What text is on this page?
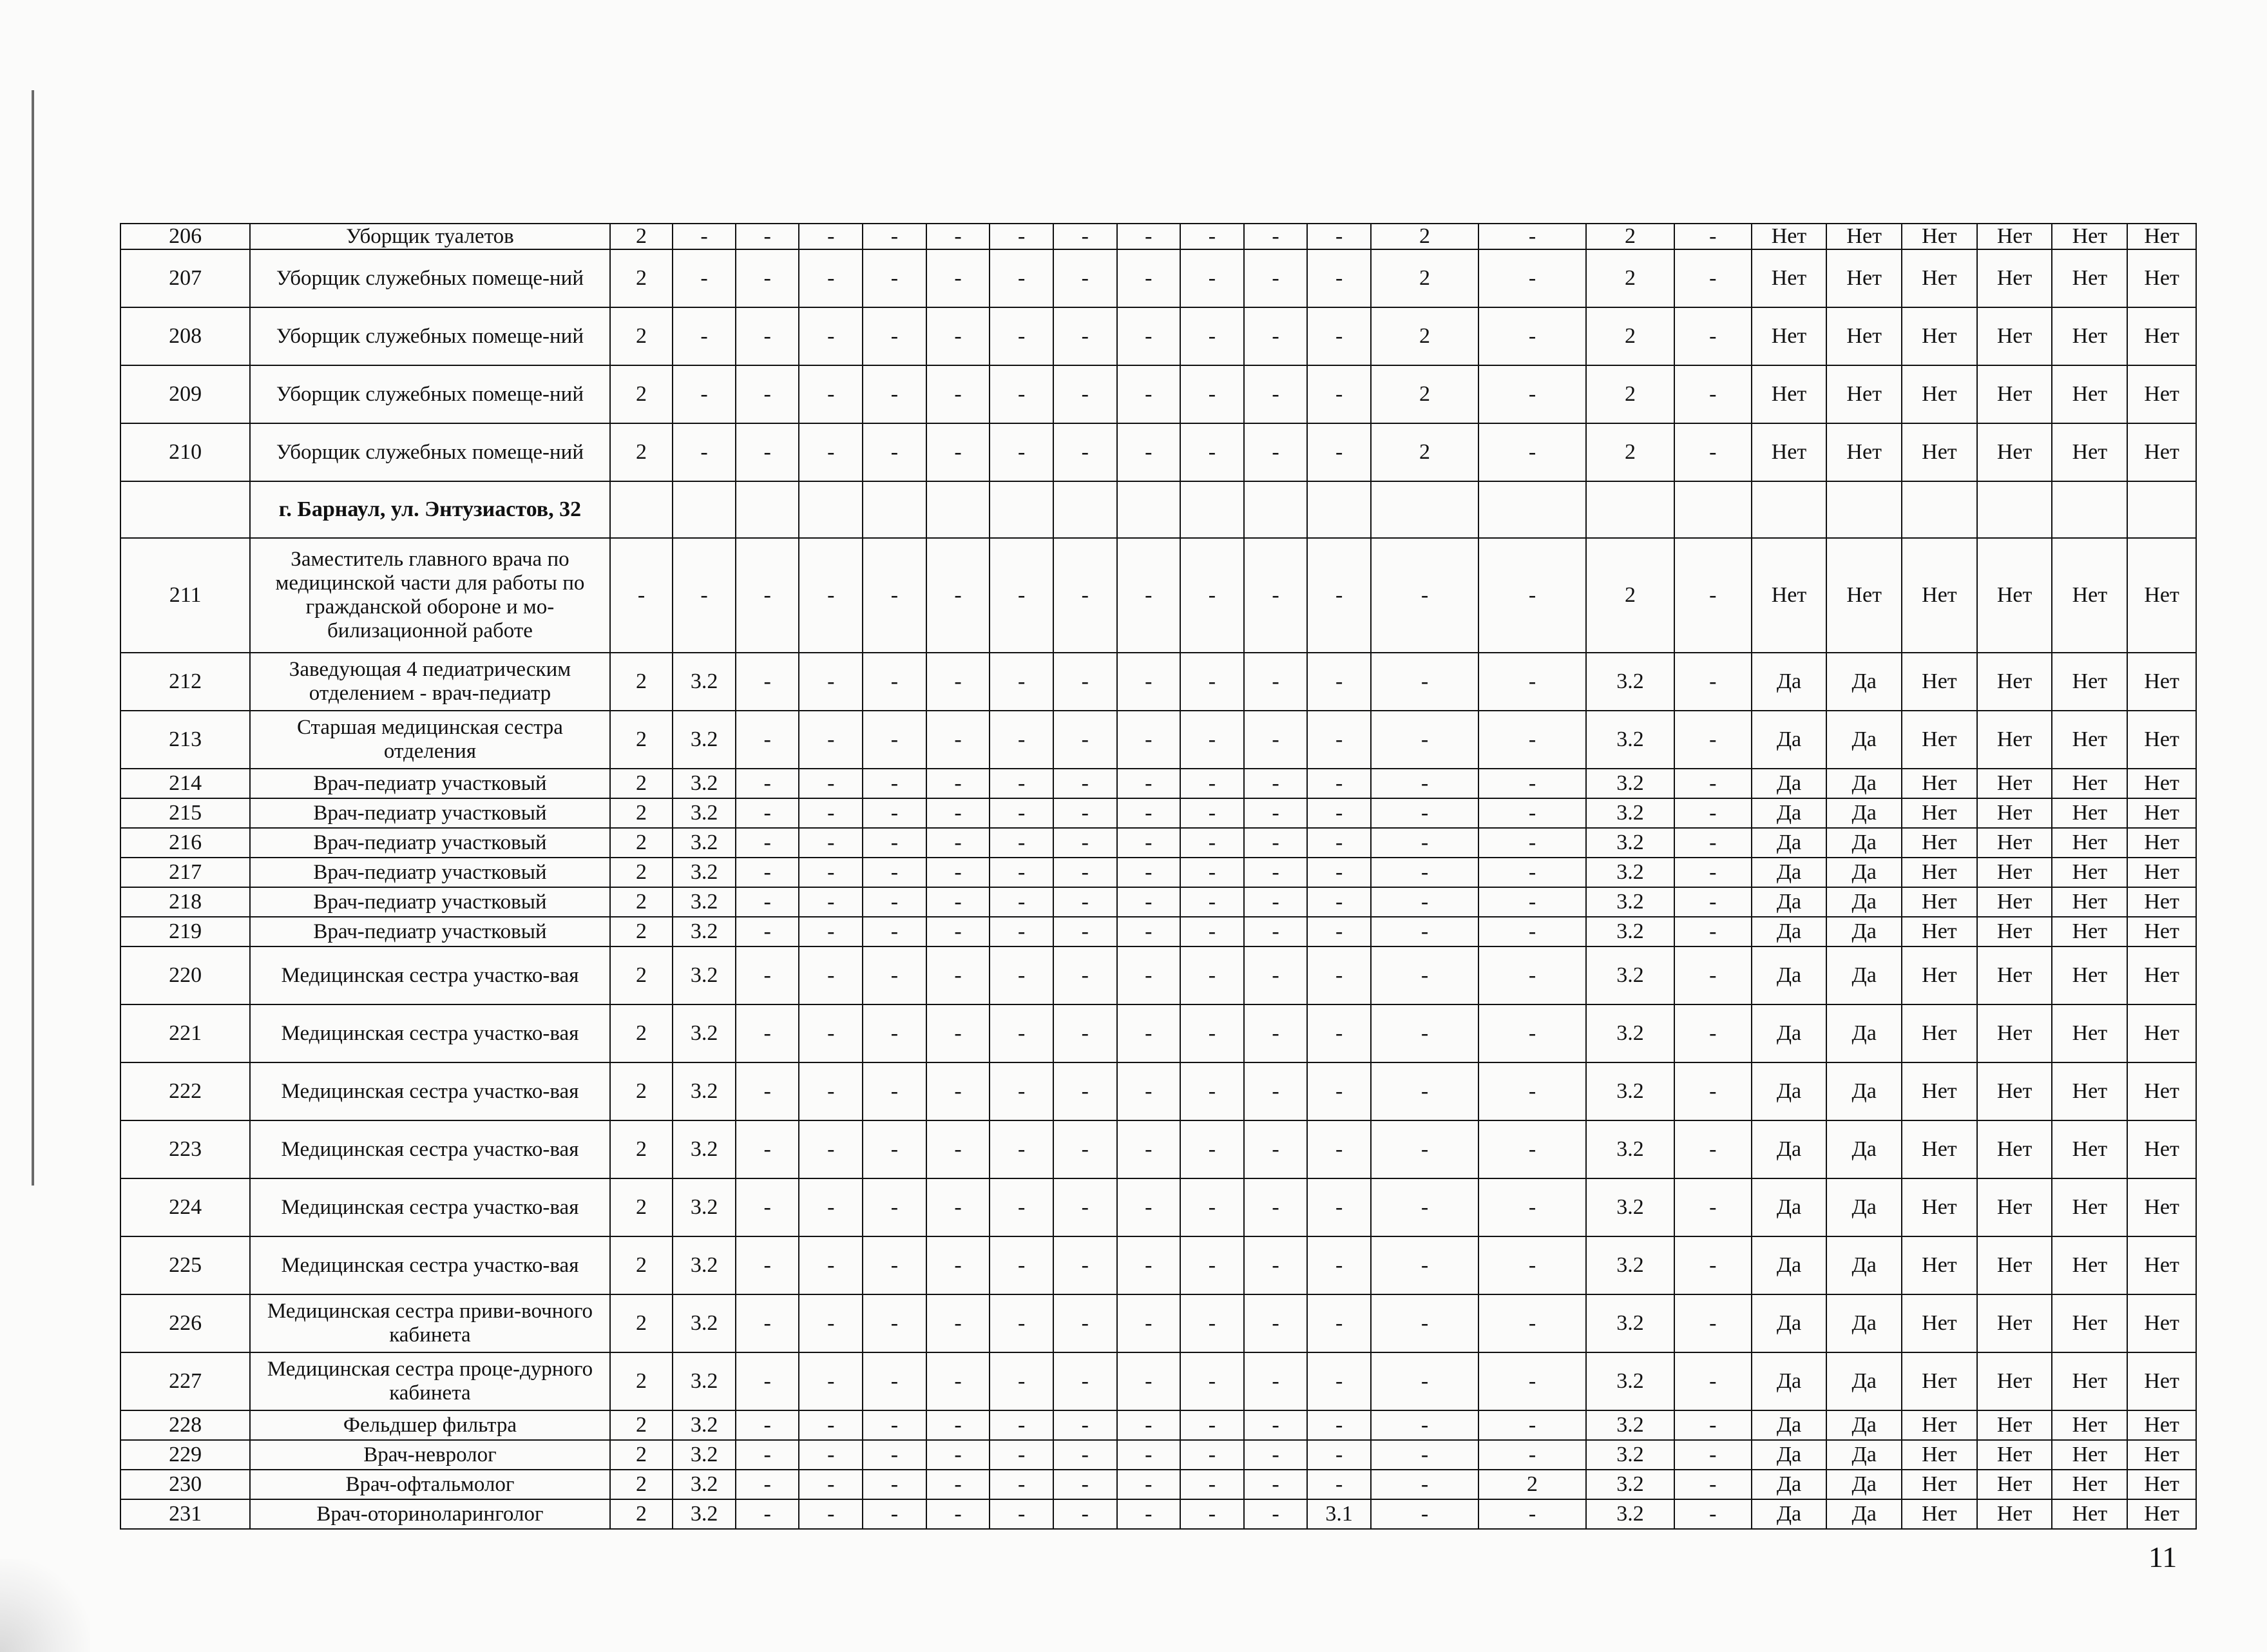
206	Уборщик туалетов	2	-	-	-	-	-	-	-	-	-	-	-	2	-	2	-	Нет	Нет	Нет	Нет	Нет	Нет
207	Уборщик служебных помеще-ний	2	-	-	-	-	-	-	-	-	-	-	-	2	-	2	-	Нет	Нет	Нет	Нет	Нет	Нет
208	Уборщик служебных помеще-ний	2	-	-	-	-	-	-	-	-	-	-	-	2	-	2	-	Нет	Нет	Нет	Нет	Нет	Нет
209	Уборщик служебных помеще-ний	2	-	-	-	-	-	-	-	-	-	-	-	2	-	2	-	Нет	Нет	Нет	Нет	Нет	Нет
210	Уборщик служебных помеще-ний	2	-	-	-	-	-	-	-	-	-	-	-	2	-	2	-	Нет	Нет	Нет	Нет	Нет	Нет
	г. Барнаул, ул. Энтузиастов, 32																						
211	Заместитель главного врача по медицинской части для работы по гражданской обороне и мо-билизационной работе	-	-	-	-	-	-	-	-	-	-	-	-	-	-	2	-	Нет	Нет	Нет	Нет	Нет	Нет
212	Заведующая 4 педиатрическим отделением - врач-педиатр	2	3.2	-	-	-	-	-	-	-	-	-	-	-	-	3.2	-	Да	Да	Нет	Нет	Нет	Нет
213	Старшая медицинская сестра отделения	2	3.2	-	-	-	-	-	-	-	-	-	-	-	-	3.2	-	Да	Да	Нет	Нет	Нет	Нет
214	Врач-педиатр участковый	2	3.2	-	-	-	-	-	-	-	-	-	-	-	-	3.2	-	Да	Да	Нет	Нет	Нет	Нет
215	Врач-педиатр участковый	2	3.2	-	-	-	-	-	-	-	-	-	-	-	-	3.2	-	Да	Да	Нет	Нет	Нет	Нет
216	Врач-педиатр участковый	2	3.2	-	-	-	-	-	-	-	-	-	-	-	-	3.2	-	Да	Да	Нет	Нет	Нет	Нет
217	Врач-педиатр участковый	2	3.2	-	-	-	-	-	-	-	-	-	-	-	-	3.2	-	Да	Да	Нет	Нет	Нет	Нет
218	Врач-педиатр участковый	2	3.2	-	-	-	-	-	-	-	-	-	-	-	-	3.2	-	Да	Да	Нет	Нет	Нет	Нет
219	Врач-педиатр участковый	2	3.2	-	-	-	-	-	-	-	-	-	-	-	-	3.2	-	Да	Да	Нет	Нет	Нет	Нет
220	Медицинская сестра участко-вая	2	3.2	-	-	-	-	-	-	-	-	-	-	-	-	3.2	-	Да	Да	Нет	Нет	Нет	Нет
221	Медицинская сестра участко-вая	2	3.2	-	-	-	-	-	-	-	-	-	-	-	-	3.2	-	Да	Да	Нет	Нет	Нет	Нет
222	Медицинская сестра участко-вая	2	3.2	-	-	-	-	-	-	-	-	-	-	-	-	3.2	-	Да	Да	Нет	Нет	Нет	Нет
223	Медицинская сестра участко-вая	2	3.2	-	-	-	-	-	-	-	-	-	-	-	-	3.2	-	Да	Да	Нет	Нет	Нет	Нет
224	Медицинская сестра участко-вая	2	3.2	-	-	-	-	-	-	-	-	-	-	-	-	3.2	-	Да	Да	Нет	Нет	Нет	Нет
225	Медицинская сестра участко-вая	2	3.2	-	-	-	-	-	-	-	-	-	-	-	-	3.2	-	Да	Да	Нет	Нет	Нет	Нет
226	Медицинская сестра приви-вочного кабинета	2	3.2	-	-	-	-	-	-	-	-	-	-	-	-	3.2	-	Да	Да	Нет	Нет	Нет	Нет
227	Медицинская сестра проце-дурного кабинета	2	3.2	-	-	-	-	-	-	-	-	-	-	-	-	3.2	-	Да	Да	Нет	Нет	Нет	Нет
228	Фельдшер фильтра	2	3.2	-	-	-	-	-	-	-	-	-	-	-	-	3.2	-	Да	Да	Нет	Нет	Нет	Нет
229	Врач-невролог	2	3.2	-	-	-	-	-	-	-	-	-	-	-	-	3.2	-	Да	Да	Нет	Нет	Нет	Нет
230	Врач-офтальмолог	2	3.2	-	-	-	-	-	-	-	-	-	-	-	2	3.2	-	Да	Да	Нет	Нет	Нет	Нет
231	Врач-оториноларинголог	2	3.2	-	-	-	-	-	-	-	-	-	3.1	-	-	3.2	-	Да	Да	Нет	Нет	Нет	Нет
11
